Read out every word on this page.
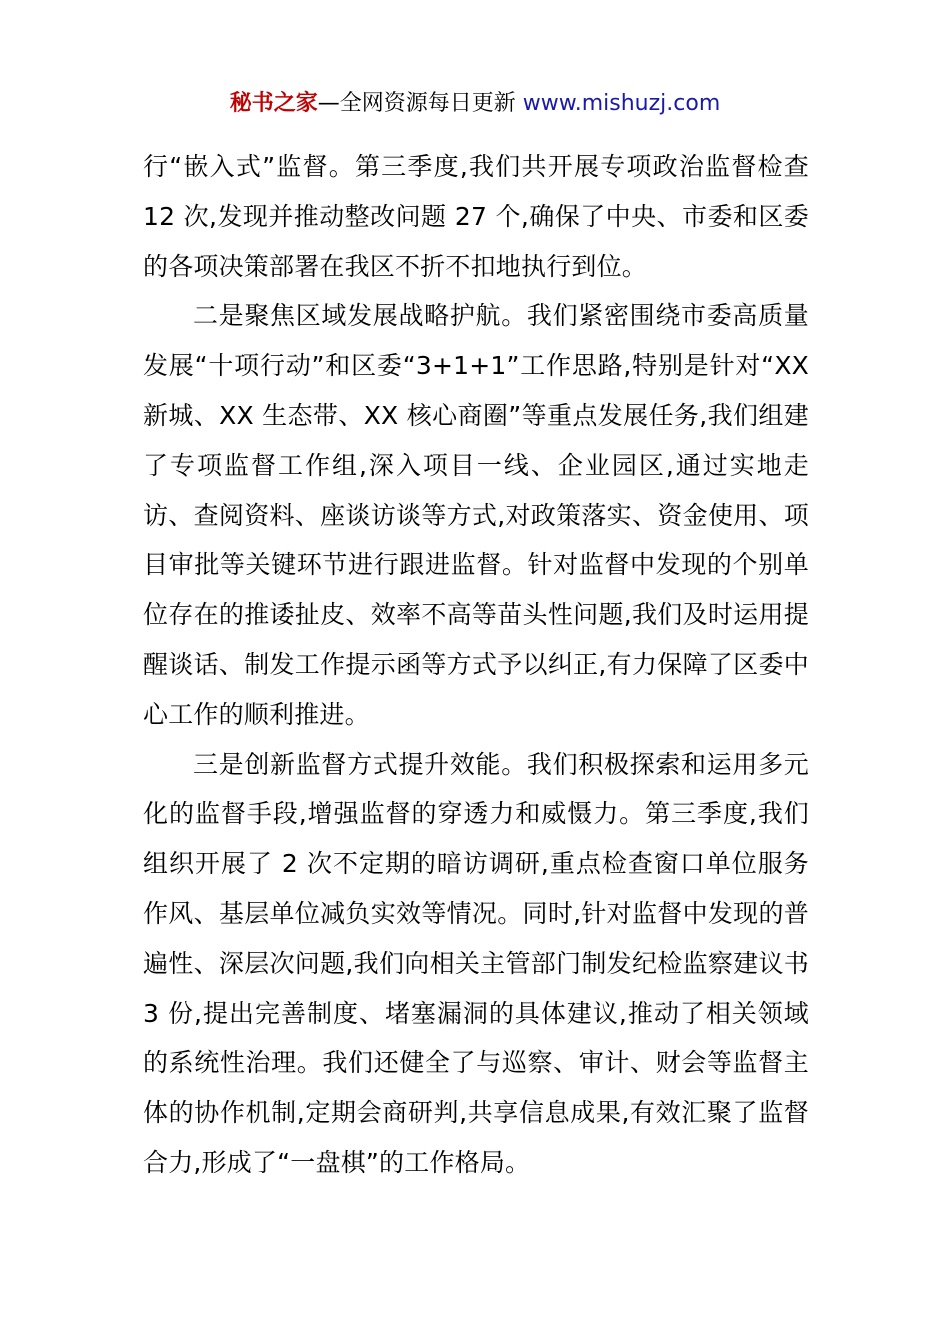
秘书之家—全网资源每日更新 www.mishuzj.com

行“嵌入式”监督。第三季度,我们共开展专项政治监督检查 12 次,发现并推动整改问题 27 个,确保了中央、市委和区委的各项决策部署在我区不折不扣地执行到位。

二是聚焦区域发展战略护航。我们紧密围绕市委高质量发展“十项行动”和区委“3+1+1”工作思路,特别是针对“XX 新城、XX 生态带、XX 核心商圈”等重点发展任务,我们组建了专项监督工作组,深入项目一线、企业园区,通过实地走访、查阅资料、座谈访谈等方式,对政策落实、资金使用、项目审批等关键环节进行跟进监督。针对监督中发现的个别单位存在的推诿扯皮、效率不高等苗头性问题,我们及时运用提醒谈话、制发工作提示函等方式予以纠正,有力保障了区委中心工作的顺利推进。

三是创新监督方式提升效能。我们积极探索和运用多元化的监督手段,增强监督的穿透力和威慑力。第三季度,我们组织开展了 2 次不定期的暗访调研,重点检查窗口单位服务作风、基层单位减负实效等情况。同时,针对监督中发现的普遍性、深层次问题,我们向相关主管部门制发纪检监察建议书 3 份,提出完善制度、堵塞漏洞的具体建议,推动了相关领域的系统性治理。我们还健全了与巡察、审计、财会等监督主体的协作机制,定期会商研判,共享信息成果,有效汇聚了监督合力,形成了“一盘棋”的工作格局。
